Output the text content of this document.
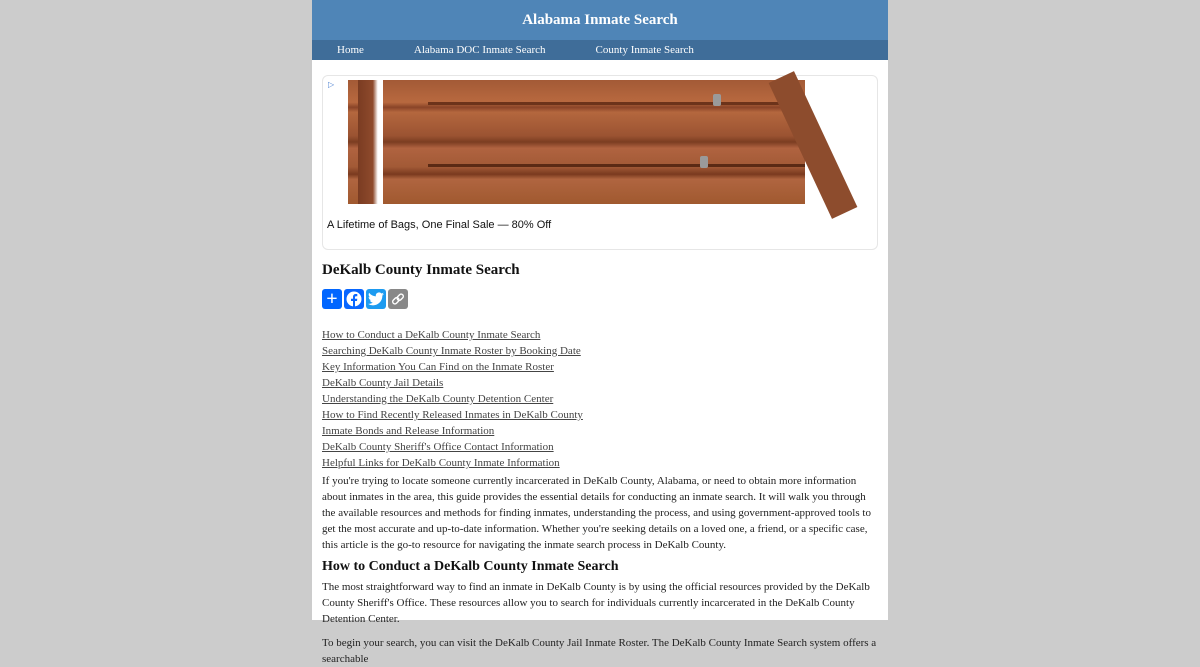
Alabama Inmate Search
Home	Alabama DOC Inmate Search	County Inmate Search
▷
A Lifetime of Bags, One Final Sale — 80% Off
DeKalb County Inmate Search
+
How to Conduct a DeKalb County Inmate Search
Searching DeKalb County Inmate Roster by Booking Date
Key Information You Can Find on the Inmate Roster
DeKalb County Jail Details
Understanding the DeKalb County Detention Center
How to Find Recently Released Inmates in DeKalb County
Inmate Bonds and Release Information
DeKalb County Sheriff's Office Contact Information
Helpful Links for DeKalb County Inmate Information

If you're trying to locate someone currently incarcerated in DeKalb County, Alabama, or need to obtain more information about inmates in the area, this guide provides the essential details for conducting an inmate search. It will walk you through the available resources and methods for finding inmates, understanding the process, and using government-approved tools to get the most accurate and up-to-date information. Whether you're seeking details on a loved one, a friend, or a specific case, this article is the go-to resource for navigating the inmate search process in DeKalb County.

How to Conduct a DeKalb County Inmate Search

The most straightforward way to find an inmate in DeKalb County is by using the official resources provided by the DeKalb County Sheriff's Office. These resources allow you to search for individuals currently incarcerated in the DeKalb County Detention Center.

To begin your search, you can visit the DeKalb County Jail Inmate Roster. The DeKalb County Inmate Search system offers a searchable
